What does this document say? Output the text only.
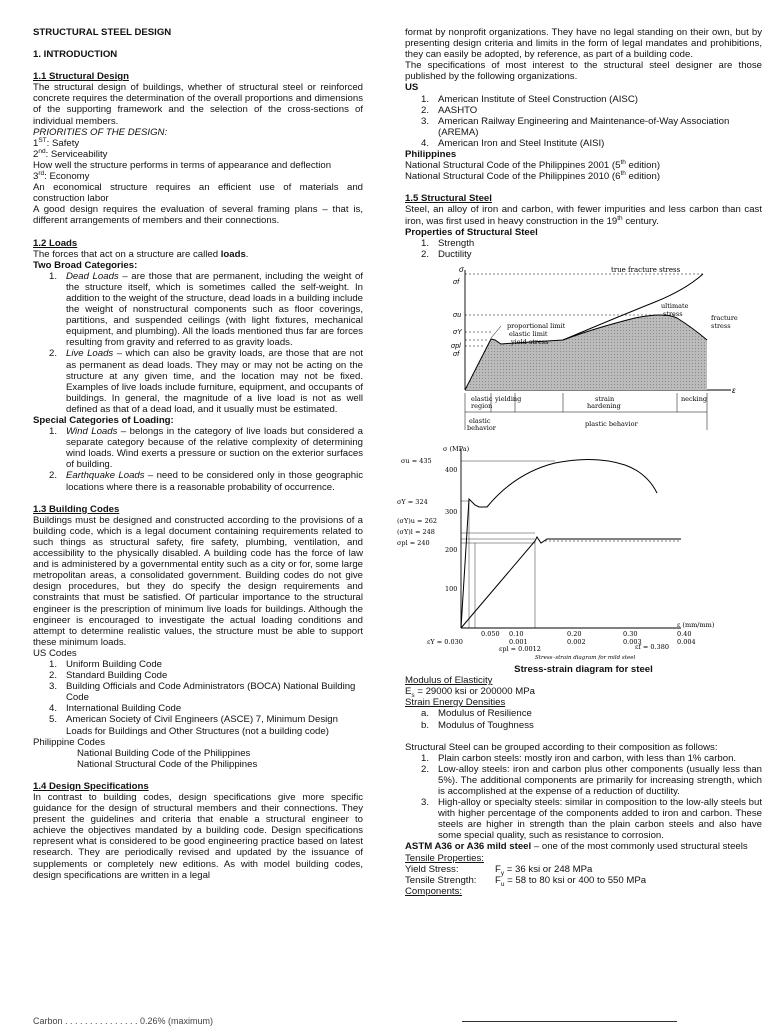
STRUCTURAL STEEL DESIGN

1. INTRODUCTION

1.1 Structural Design

The structural design of buildings, whether of structural steel or reinforced concrete requires the determination of the overall proportions and dimensions of the supporting framework and the selection of the cross-sections of individual members.

PRIORITIES OF THE DESIGN:

1ST: Safety

2nd: Serviceability

How well the structure performs in terms of appearance and deflection

3rd: Economy

An economical structure requires an efficient use of materials and construction labor

A good design requires the evaluation of several framing plans – that is, different arrangements of members and their connections.

1.2 Loads

The forces that act on a structure are called loads.

Two Broad Categories:

1. Dead Loads – are those that are permanent, including the weight of the structure itself, which is sometimes called the self-weight. In addition to the weight of the structure, dead loads in a building include the weight of nonstructural components such as floor coverings, partitions, and suspended ceilings (with light fixtures, mechanical equipment, and plumbing). All the loads mentioned thus far are forces resulting from gravity and referred to as gravity loads.
2. Live Loads – which can also be gravity loads, are those that are not as permanent as dead loads. They may or may not be acting on the structure at any given time, and the location may not be fixed. Examples of live loads include furniture, equipment, and occupants of buildings. In general, the magnitude of a live load is not as well defined as that of a dead load, and it usually must be estimated.

Special Categories of Loading:

1. Wind Loads – belongs in the category of live loads but considered a separate category because of the relative complexity of determining wind loads. Wind exerts a pressure or suction on the exterior surfaces of building.
2. Earthquake Loads – need to be considered only in those geographic locations where there is a reasonable probability of occurrence.

1.3 Building Codes

Buildings must be designed and constructed according to the provisions of a building code, which is a legal document containing requirements related to such things as structural safety, fire safety, plumbing, ventilation, and accessibility to the physically disabled. A building code has the force of law and is administered by a governmental entity such as a city or for, some large metropolitan areas, a consolidated government. Building codes do not give design procedures, but they do specify the design requirements and constraints that must be satisfied. Of particular importance to the structural engineer is the prescription of minimum live loads for buildings. Although the engineer is encouraged to investigate the actual loading conditions and attempt to determine realistic values, the structure must be able to support these minimum loads.

US Codes

1. Uniform Building Code
2. Standard Building Code
3. Building Officials and Code Administrators (BOCA) National Building Code
4. International Building Code
5. American Society of Civil Engineers (ASCE) 7, Minimum Design Loads for Buildings and Other Structures (not a building code)

Philippine Codes

National Building Code of the Philippines

National Structural Code of the Philippines

1.4 Design Specifications

In contrast to building codes, design specifications give more specific guidance for the design of structural members and their connections. They present the guidelines and criteria that enable a structural engineer to achieve the objectives mandated by a building code. Design specifications represent what is considered to be good engineering practice based on latest research. They are periodically revised and updated by the issuance of supplements or completely new editions. As with model building codes, design specifications are written in a legal

format by nonprofit organizations. They have no legal standing on their own, but by presenting design criteria and limits in the form of legal mandates and prohibitions, they can easily be adopted, by reference, as part of a building code.

The specifications of most interest to the structural steel designer are those published by the following organizations.

US

1. American Institute of Steel Construction (AISC)
2. AASHTO
3. American Railway Engineering and Maintenance-of-Way Association (AREMA)
4. American Iron and Steel Institute (AISI)

Philippines

National Structural Code of the Philippines 2001 (5th edition)

National Structural Code of the Philippines 2010 (6th edition)

1.5 Structural Steel

Steel, an alloy of iron and carbon, with fewer impurities and less carbon than cast iron, was first used in heavy construction in the 19th century.

Properties of Structural Steel

1. Strength
2. Ductility
σ
ε
σf
σu
σY
σpl
σf
true fracture stress
ultimate
stress	fracture
stress
proportional limit
elastic limit
yield stress
elastic
region
yielding	strain
hardening
necking
elastic
behavior	plastic behavior

σ (MPa)
ε (mm/mm)
σu = 435
400
σY = 324
300
(σY)u = 262
(σY)l = 248
σpl = 240
200
100
0.050 0.10	0.20	0.30	0.40
0.001	0.002	0.003	0.004
εY = 0.030
εpl = 0.0012	εf = 0.380
Stress–strain diagram for mild steel

Stress-strain diagram for steel

Modulus of Elasticity

$E_s = 29000$ ksi or 200000 MPa

Strain Energy Densities

a. Modulus of Resilience
b. Modulus of Toughness

Structural Steel can be grouped according to their composition as follows:

1. Plain carbon steels: mostly iron and carbon, with less than 1% carbon.
2. Low-alloy steels: iron and carbon plus other components (usually less than 5%). The additional components are primarily for increasing strength, which is accomplished at the expense of a reduction of ductility.
3. High-alloy or specialty steels: similar in composition to the low-ally steels but with higher percentage of the components added to iron and carbon. These steels are higher in strength than the plain carbon steels and also have some special quality, such as resistance to corrosion.

ASTM A36 or A36 mild steel – one of the most commonly used structural steels

Tensile Properties:

Yield Stress:	$F_y = 36$ ksi or 248 MPa
Tensile Strength:	$F_u = 58$ to 80 ksi or 400 to 550 MPa

Components:

Carbon . . . . . . . . . . . . . . . 0.26% (maximum)
